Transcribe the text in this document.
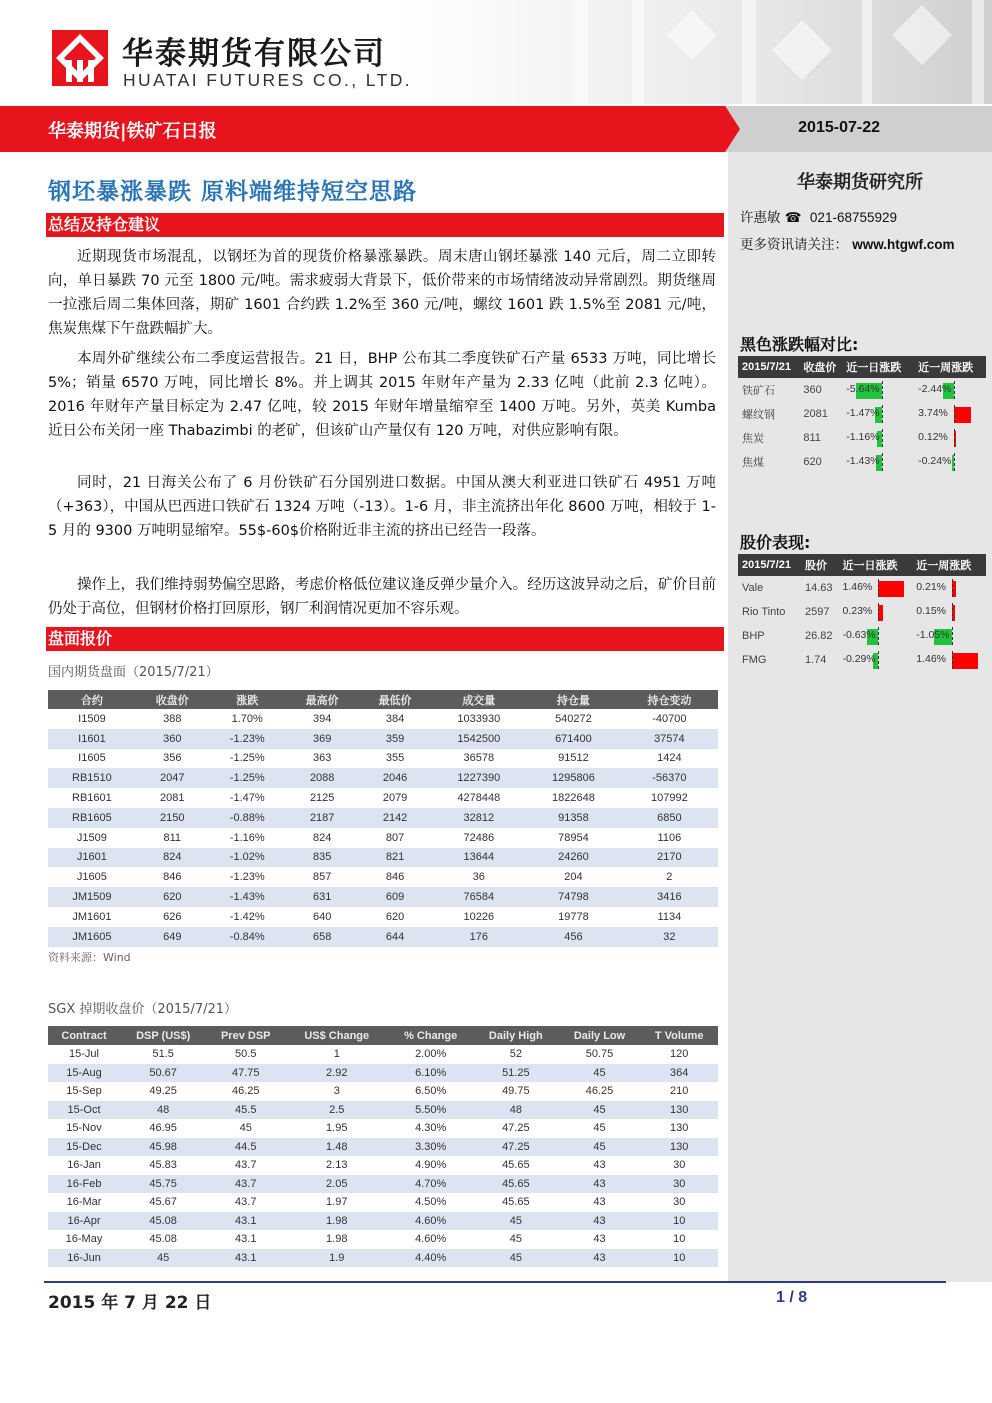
华泰期货有限公司
HUATAI FUTURES CO., LTD.
华泰期货|铁矿石日报	2015-07-22
华泰期货研究所
许惠敏 ☎ 021-68755929
更多资讯请关注： www.htgwf.com
黑色涨跌幅对比:
2015/7/21	收盘价	近一日涨跌	近一周涨跌
铁矿石	360	-5.64%	-2.44%

螺纹钢	2081	-1.47%	3.74%

焦炭	811	-1.16%	0.12%

焦煤	620	-1.43%	-0.24%
股价表现:
2015/7/21	股价	近一日涨跌	近一周涨跌
Vale	14.63	1.46%	0.21%

Rio Tinto	2597	0.23%	0.15%

BHP	26.82	-0.63%	-1.05%

FMG	1.74	-0.29%	1.46%
钢坯暴涨暴跌 原料端维持短空思路
总结及持仓建议
近期现货市场混乱，以钢坯为首的现货价格暴涨暴跌。周末唐山钢坯暴涨 140 元后，周二立即转向，单日暴跌 70 元至 1800 元/吨。需求疲弱大背景下，低价带来的市场情绪波动异常剧烈。期货继周一拉涨后周二集体回落，期矿 1601 合约跌 1.2%至 360 元/吨，螺纹 1601 跌 1.5%至 2081 元/吨，焦炭焦煤下午盘跌幅扩大。
本周外矿继续公布二季度运营报告。21 日，BHP 公布其二季度铁矿石产量 6533 万吨，同比增长 5%；销量 6570 万吨，同比增长 8%。并上调其 2015 年财年产量为 2.33 亿吨（此前 2.3 亿吨）。2016 年财年产量目标定为 2.47 亿吨，较 2015 年财年增量缩窄至 1400 万吨。另外，英美 Kumba 近日公布关闭一座 Thabazimbi 的老矿，但该矿山产量仅有 120 万吨，对供应影响有限。
同时，21 日海关公布了 6 月份铁矿石分国别进口数据。中国从澳大利亚进口铁矿石 4951 万吨（+363），中国从巴西进口铁矿石 1324 万吨（-13）。1-6 月，非主流挤出年化 8600 万吨，相较于 1-5 月的 9300 万吨明显缩窄。55$-60$价格附近非主流的挤出已经告一段落。
操作上，我们维持弱势偏空思路，考虑价格低位建议逢反弹少量介入。经历这波异动之后，矿价目前仍处于高位，但钢材价格打回原形，钢厂利润情况更加不容乐观。
盘面报价
国内期货盘面（2015/7/21）
合约	收盘价	涨跌	最高价	最低价	成交量	持仓量	持仓变动
I1509	388	1.70%	394	384	1033930	540272	-40700
I1601	360	-1.23%	369	359	1542500	671400	37574
I1605	356	-1.25%	363	355	36578	91512	1424
RB1510	2047	-1.25%	2088	2046	1227390	1295806	-56370
RB1601	2081	-1.47%	2125	2079	4278448	1822648	107992
RB1605	2150	-0.88%	2187	2142	32812	91358	6850
J1509	811	-1.16%	824	807	72486	78954	1106
J1601	824	-1.02%	835	821	13644	24260	2170
J1605	846	-1.23%	857	846	36	204	2
JM1509	620	-1.43%	631	609	76584	74798	3416
JM1601	626	-1.42%	640	620	10226	19778	1134
JM1605	649	-0.84%	658	644	176	456	32
资料来源：Wind
SGX 掉期收盘价（2015/7/21）
Contract	DSP (US$)	Prev DSP	US$ Change	% Change	Daily High	Daily Low	T Volume
15-Jul	51.5	50.5	1	2.00%	52	50.75	120
15-Aug	50.67	47.75	2.92	6.10%	51.25	45	364
15-Sep	49.25	46.25	3	6.50%	49.75	46.25	210
15-Oct	48	45.5	2.5	5.50%	48	45	130
15-Nov	46.95	45	1.95	4.30%	47.25	45	130
15-Dec	45.98	44.5	1.48	3.30%	47.25	45	130
16-Jan	45.83	43.7	2.13	4.90%	45.65	43	30
16-Feb	45.75	43.7	2.05	4.70%	45.65	43	30
16-Mar	45.67	43.7	1.97	4.50%	45.65	43	30
16-Apr	45.08	43.1	1.98	4.60%	45	43	10
16-May	45.08	43.1	1.98	4.60%	45	43	10
16-Jun	45	43.1	1.9	4.40%	45	43	10
2015 年 7 月 22 日	1 / 8
